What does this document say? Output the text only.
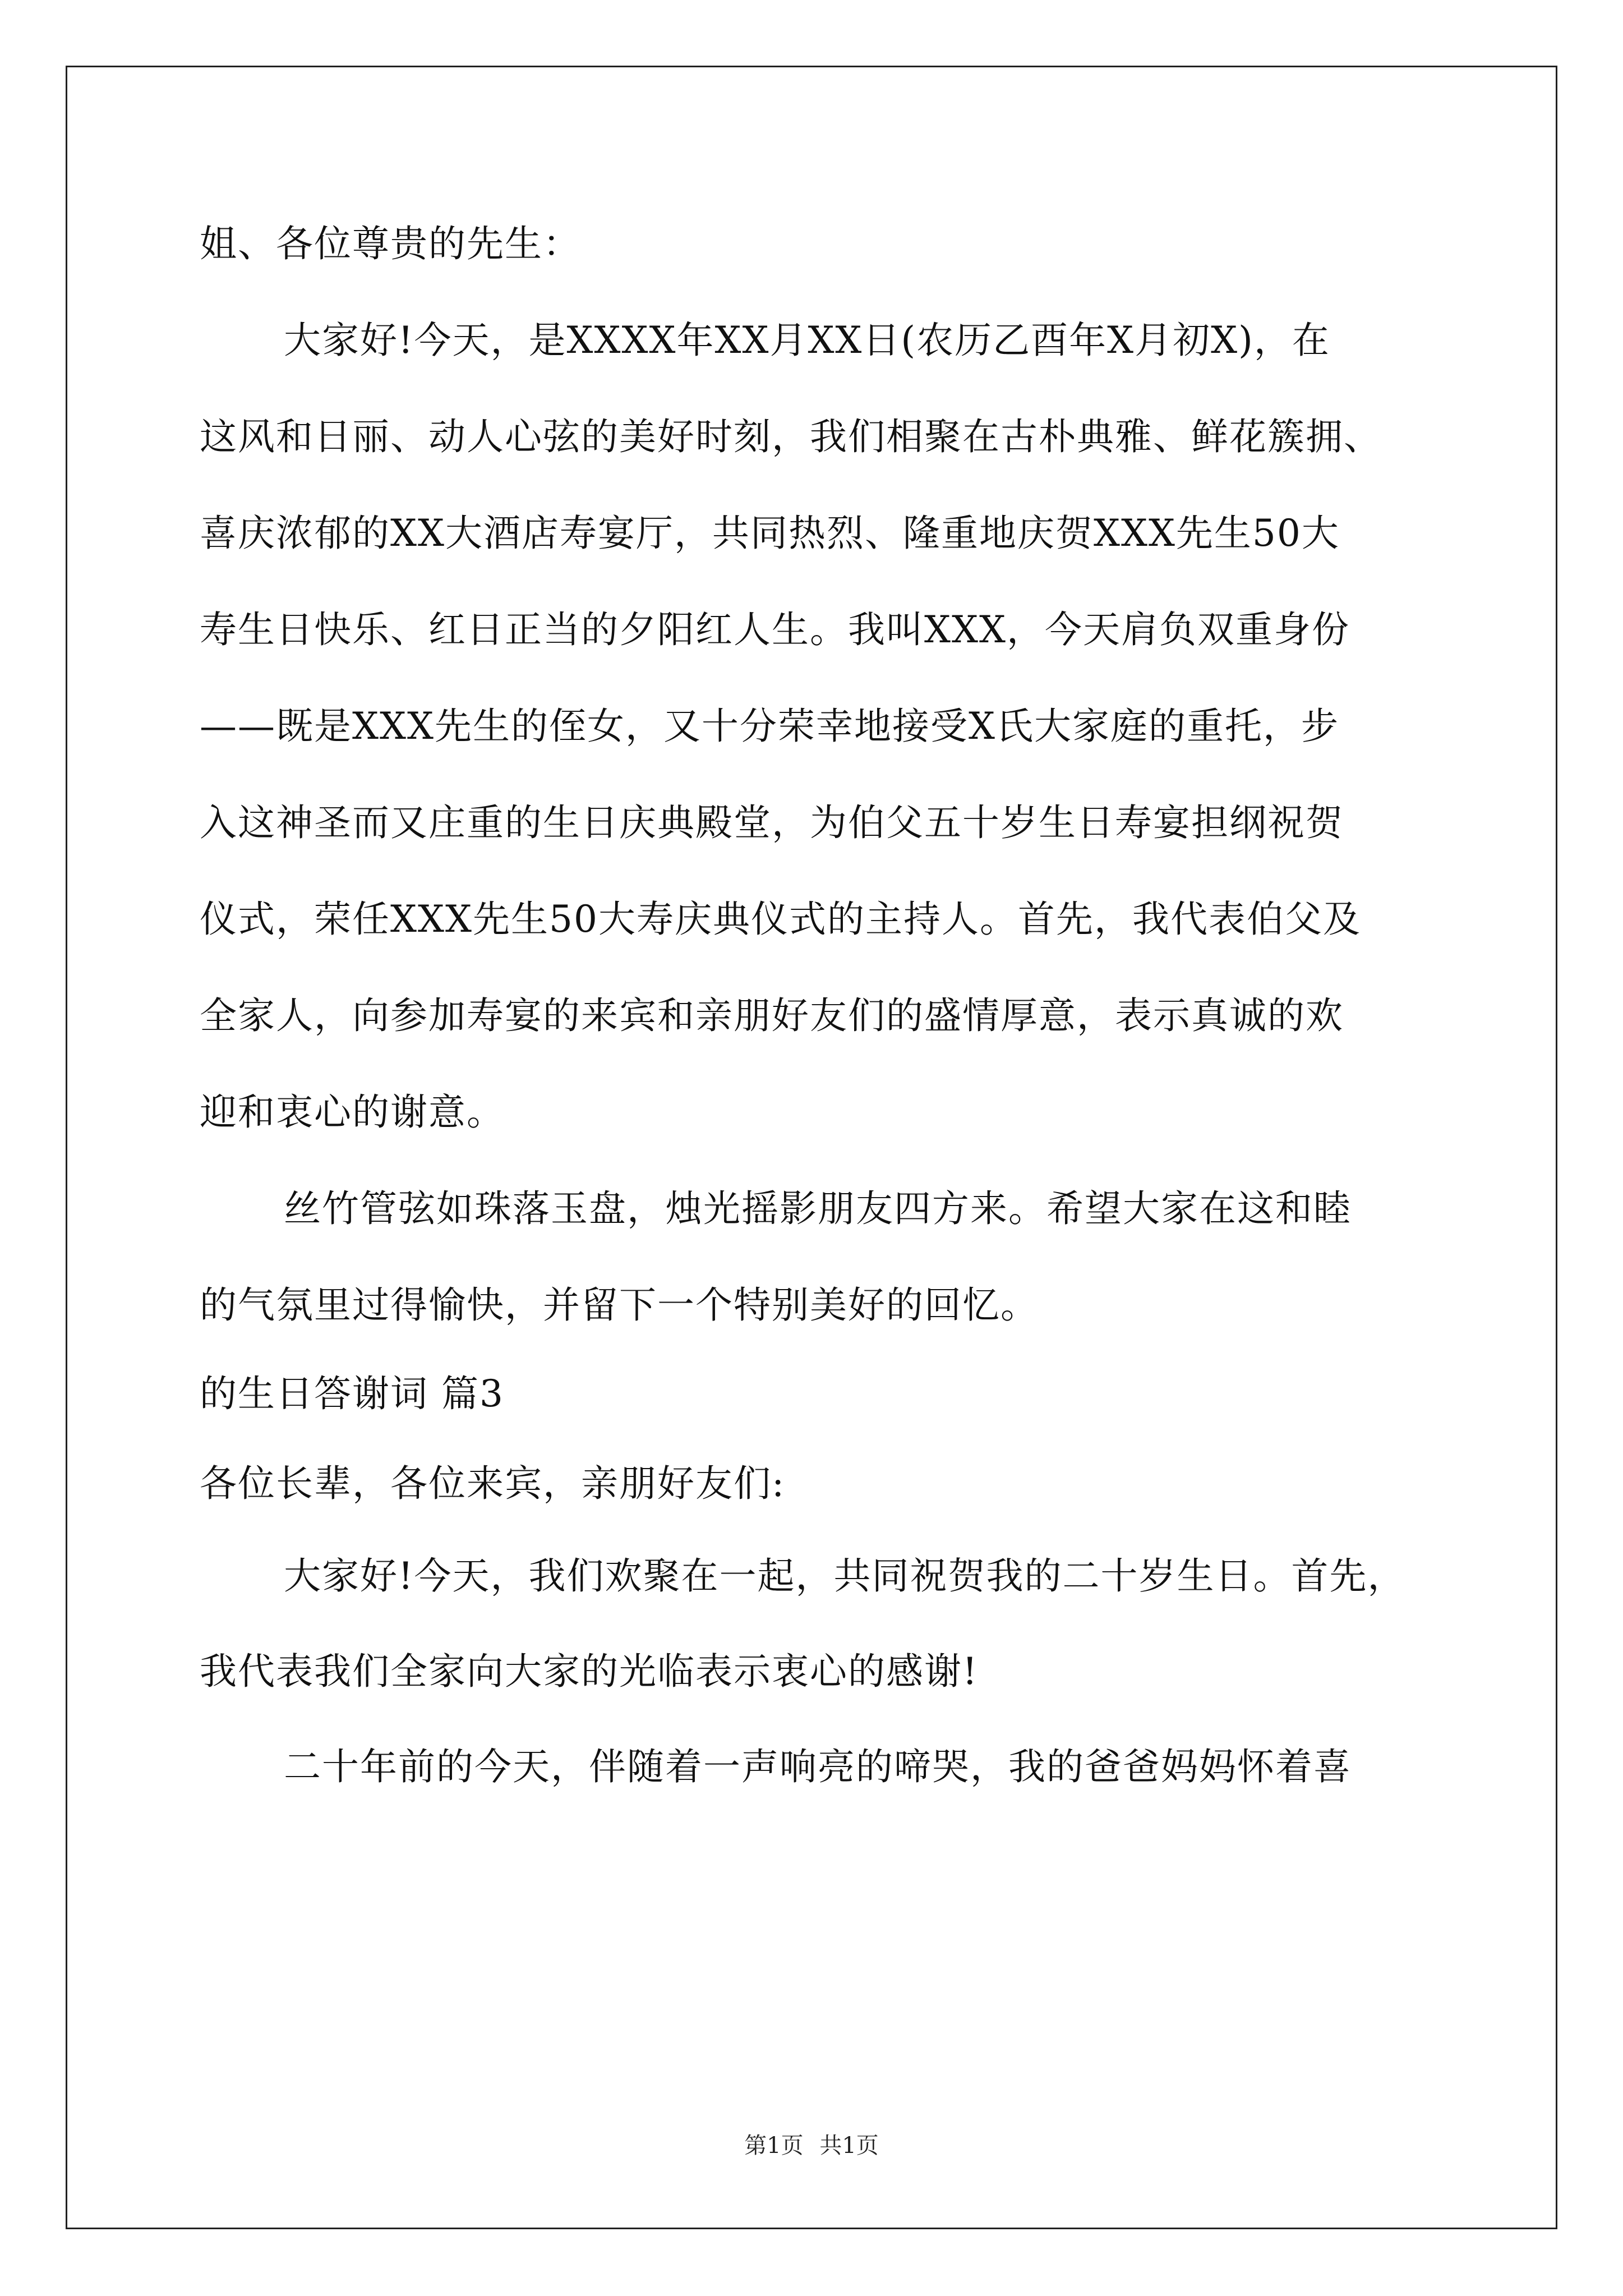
姐、各位尊贵的先生：
大家好!今天，是XXXX年XX月XX日(农历乙酉年X月初X)，在
这风和日丽、动人心弦的美好时刻，我们相聚在古朴典雅、鲜花簇拥、
喜庆浓郁的XX大酒店寿宴厅，共同热烈、隆重地庆贺XXX先生50大
寿生日快乐、红日正当的夕阳红人生。我叫XXX，今天肩负双重身份
——既是XXX先生的侄女，又十分荣幸地接受X氏大家庭的重托，步
入这神圣而又庄重的生日庆典殿堂，为伯父五十岁生日寿宴担纲祝贺
仪式，荣任XXX先生50大寿庆典仪式的主持人。首先，我代表伯父及
全家人，向参加寿宴的来宾和亲朋好友们的盛情厚意，表示真诚的欢
迎和衷心的谢意。
丝竹管弦如珠落玉盘，烛光摇影朋友四方来。希望大家在这和睦
的气氛里过得愉快，并留下一个特别美好的回忆。
的生日答谢词 篇3
各位长辈，各位来宾，亲朋好友们:
大家好!今天，我们欢聚在一起，共同祝贺我的二十岁生日。首先，
我代表我们全家向大家的光临表示衷心的感谢!
二十年前的今天，伴随着一声响亮的啼哭，我的爸爸妈妈怀着喜
第1页 共1页
